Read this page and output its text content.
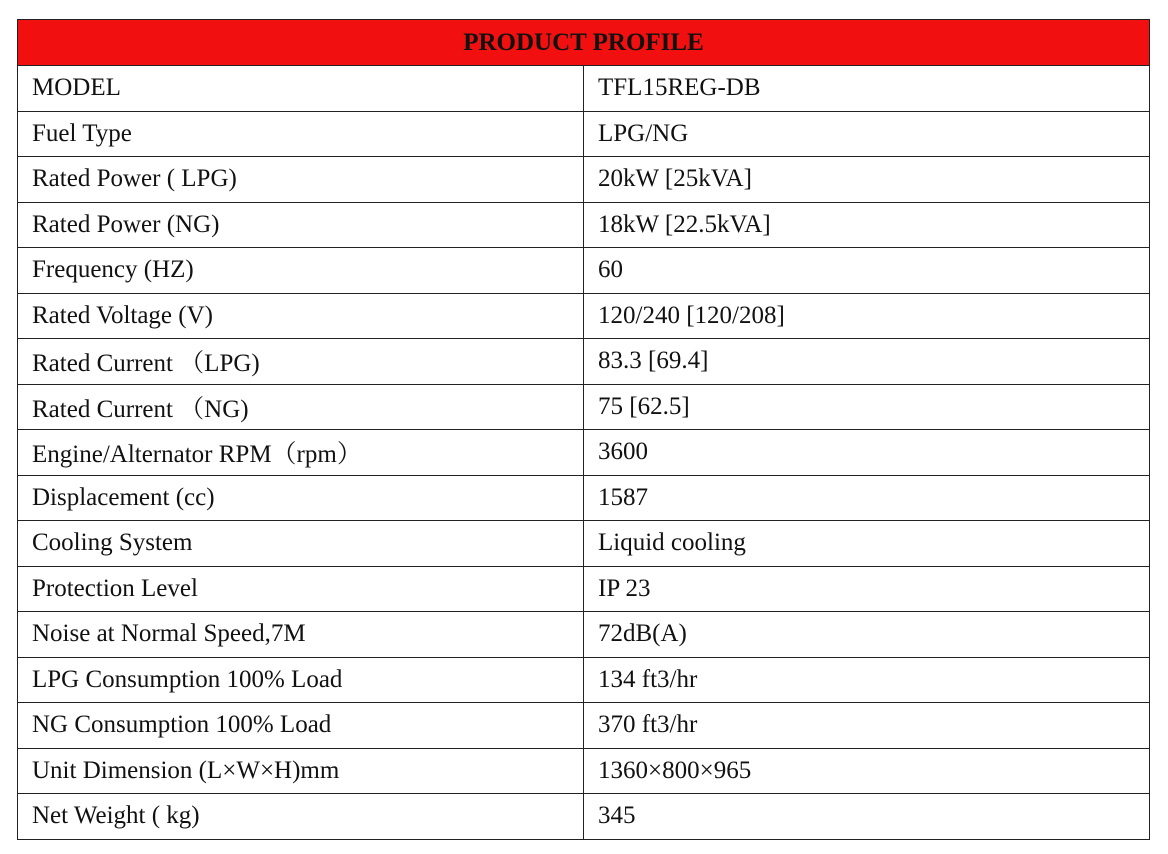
PRODUCT PROFILE	
MODEL	TFL15REG-DB
Fuel Type	LPG/NG
Rated Power ( LPG)	20kW [25kVA]
Rated Power (NG)	18kW [22.5kVA]
Frequency (HZ)	60
Rated Voltage (V)	120/240 [120/208]
Rated Current （LPG)	83.3 [69.4]
Rated Current （NG)	75 [62.5]
Engine/Alternator RPM（rpm）	3600
Displacement (cc)	1587
Cooling System	Liquid cooling
Protection Level	IP 23
Noise at Normal Speed,7M	72dB(A)
LPG Consumption 100% Load	134 ft3/hr
NG Consumption 100% Load	370 ft3/hr
Unit Dimension (L×W×H)mm	1360×800×965
Net Weight ( kg)	345
